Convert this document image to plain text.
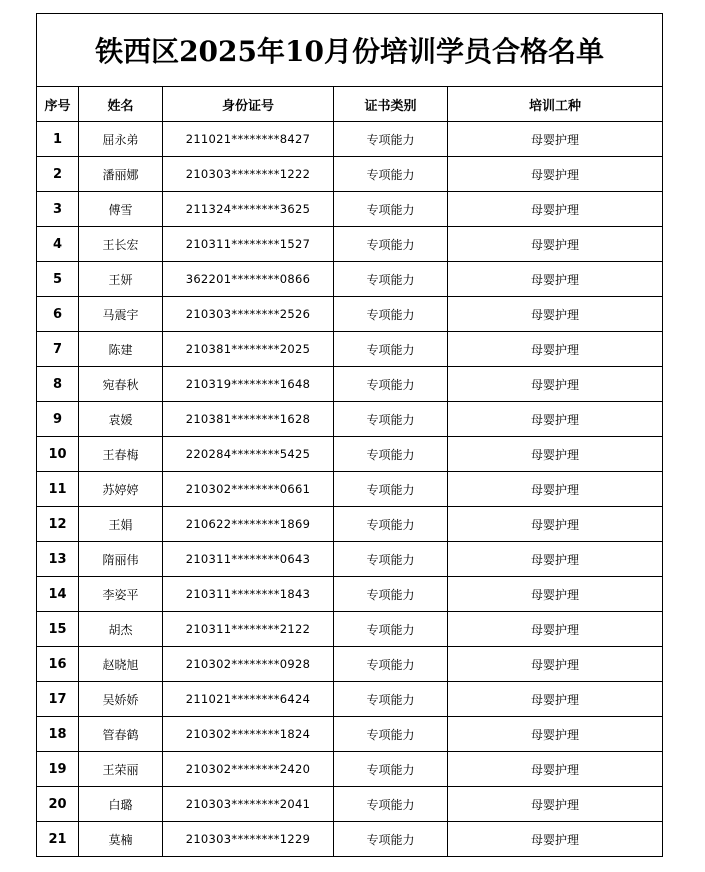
铁西区2025年10月份培训学员合格名单				
序号	姓名	身份证号	证书类别	培训工种
1	屈永弟	211021********8427	专项能力	母婴护理
2	潘丽娜	210303********1222	专项能力	母婴护理
3	傅雪	211324********3625	专项能力	母婴护理
4	王长宏	210311********1527	专项能力	母婴护理
5	王妍	362201********0866	专项能力	母婴护理
6	马震宇	210303********2526	专项能力	母婴护理
7	陈建	210381********2025	专项能力	母婴护理
8	宛春秋	210319********1648	专项能力	母婴护理
9	袁媛	210381********1628	专项能力	母婴护理
10	王春梅	220284********5425	专项能力	母婴护理
11	苏婷婷	210302********0661	专项能力	母婴护理
12	王娟	210622********1869	专项能力	母婴护理
13	隋丽伟	210311********0643	专项能力	母婴护理
14	李姿平	210311********1843	专项能力	母婴护理
15	胡杰	210311********2122	专项能力	母婴护理
16	赵晓旭	210302********0928	专项能力	母婴护理
17	吴娇娇	211021********6424	专项能力	母婴护理
18	管春鹤	210302********1824	专项能力	母婴护理
19	王荣丽	210302********2420	专项能力	母婴护理
20	白璐	210303********2041	专项能力	母婴护理
21	莫楠	210303********1229	专项能力	母婴护理
